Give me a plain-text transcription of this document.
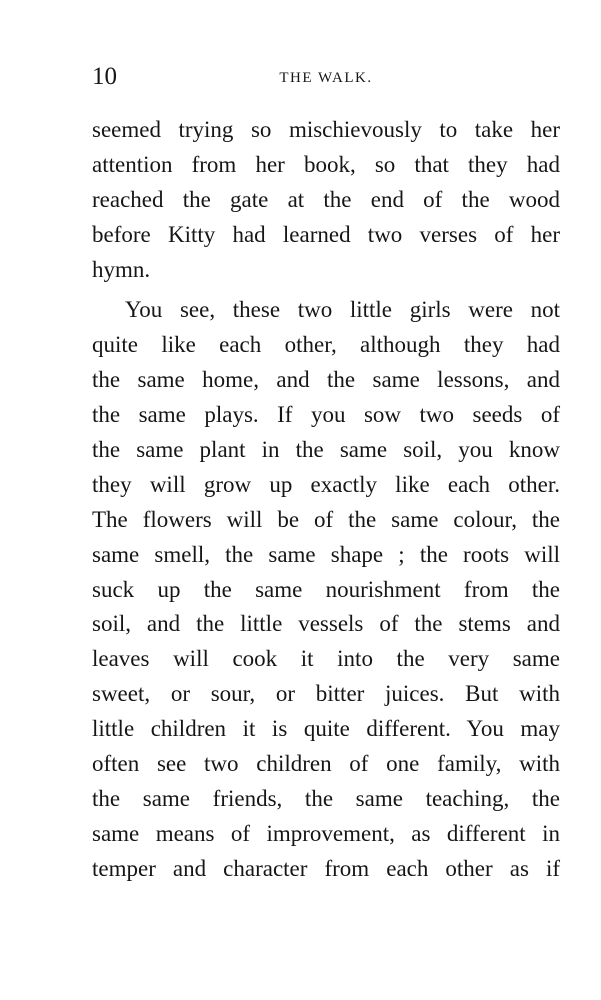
10	THE WALK.
seemed trying so mischievously to take her
attention from her book, so that they had
reached the gate at the end of the wood
before Kitty had learned two verses of her
hymn.
You see, these two little girls were not
quite like each other, although they had
the same home, and the same lessons, and
the same plays. If you sow two seeds of
the same plant in the same soil, you know
they will grow up exactly like each other.
The flowers will be of the same colour, the
same smell, the same shape ; the roots will
suck up the same nourishment from the
soil, and the little vessels of the stems and
leaves will cook it into the very same
sweet, or sour, or bitter juices. But with
little children it is quite different. You may
often see two children of one family, with
the same friends, the same teaching, the
same means of improvement, as different in
temper and character from each other as if
